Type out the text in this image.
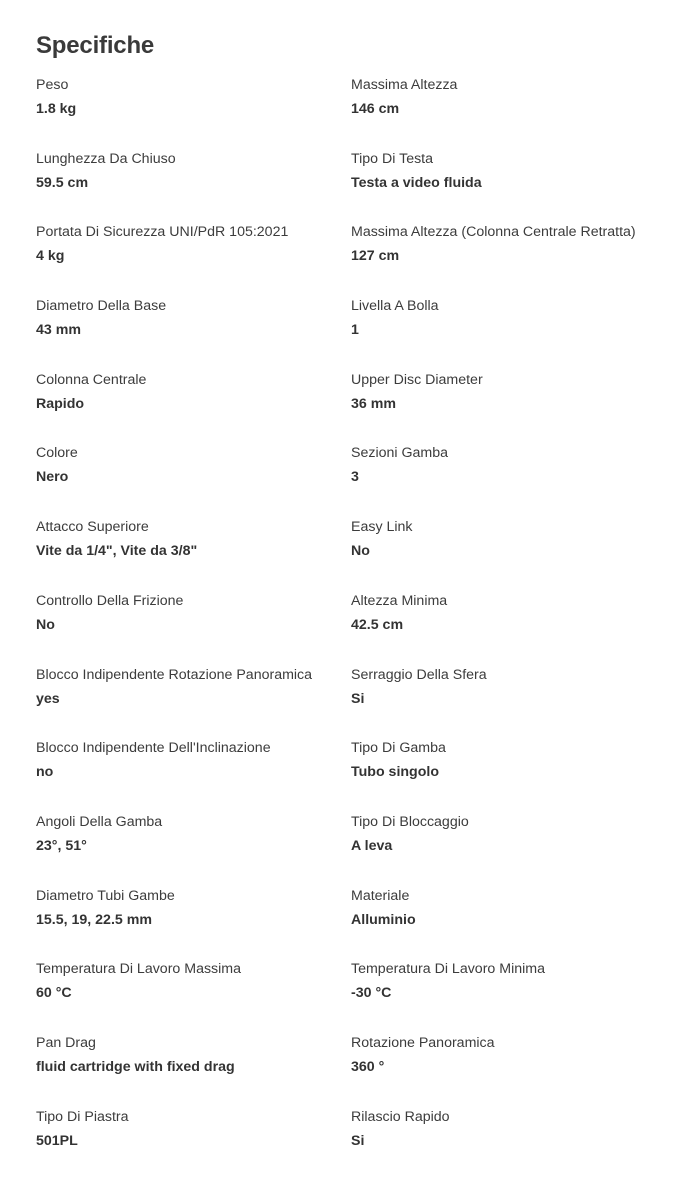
Specifiche
Peso
1.8 kg
Massima Altezza
146 cm
Lunghezza Da Chiuso
59.5 cm
Tipo Di Testa
Testa a video fluida
Portata Di Sicurezza UNI/PdR 105:2021
4 kg
Massima Altezza (Colonna Centrale Retratta)
127 cm
Diametro Della Base
43 mm
Livella A Bolla
1
Colonna Centrale
Rapido
Upper Disc Diameter
36 mm
Colore
Nero
Sezioni Gamba
3
Attacco Superiore
Vite da 1/4", Vite da 3/8"
Easy Link
No
Controllo Della Frizione
No
Altezza Minima
42.5 cm
Blocco Indipendente Rotazione Panoramica
yes
Serraggio Della Sfera
Si
Blocco Indipendente Dell'Inclinazione
no
Tipo Di Gamba
Tubo singolo
Angoli Della Gamba
23°, 51°
Tipo Di Bloccaggio
A leva
Diametro Tubi Gambe
15.5, 19, 22.5 mm
Materiale
Alluminio
Temperatura Di Lavoro Massima
60 °C
Temperatura Di Lavoro Minima
-30 °C
Pan Drag
fluid cartridge with fixed drag
Rotazione Panoramica
360 °
Tipo Di Piastra
501PL
Rilascio Rapido
Si
